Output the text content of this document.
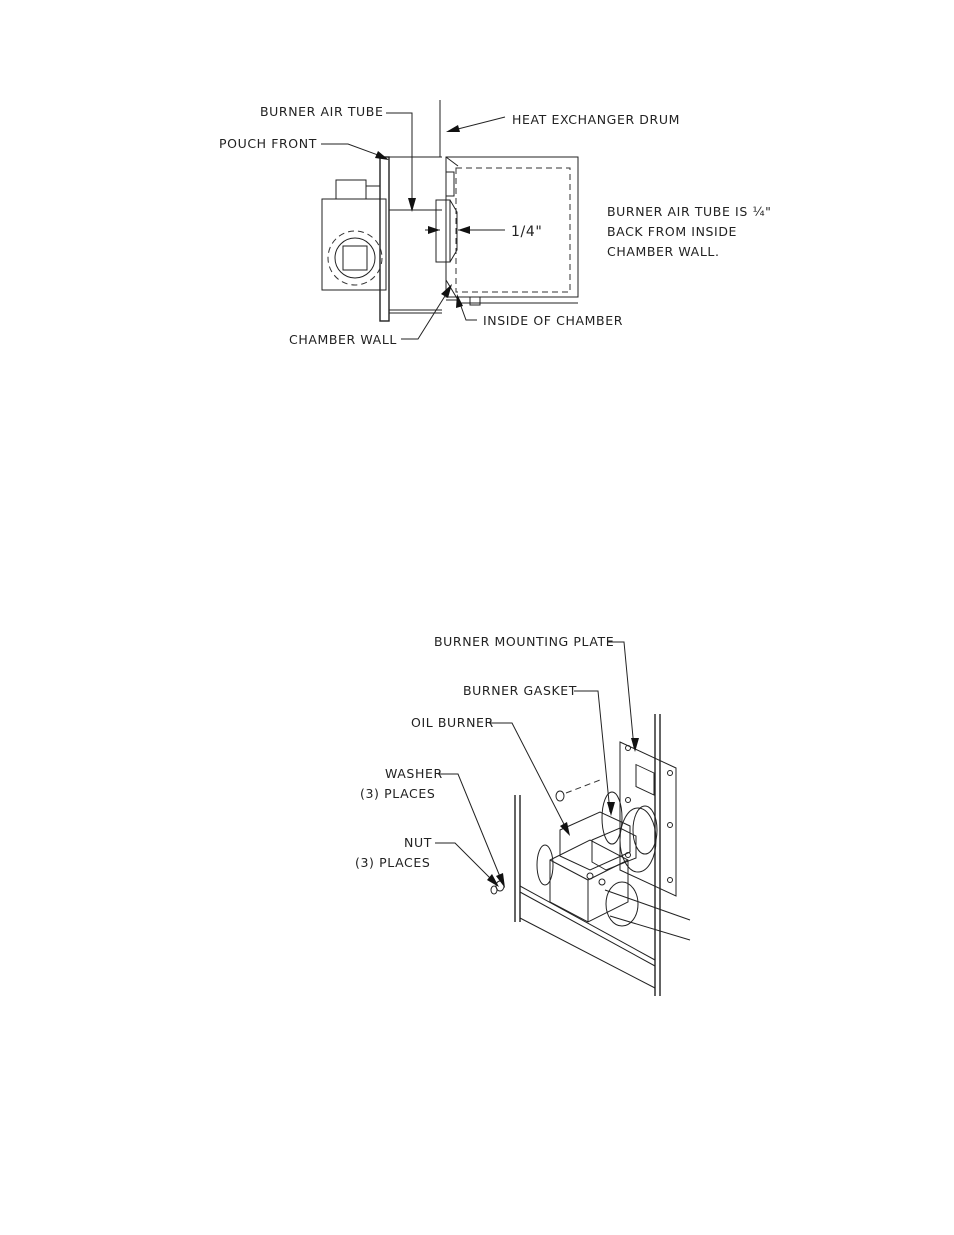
BURNER AIR TUBE
HEAT EXCHANGER DRUM
POUCH FRONT
1/4"
BURNER AIR TUBE IS ¼"
BACK FROM INSIDE
CHAMBER WALL.
CHAMBER WALL
INSIDE OF CHAMBER
BURNER MOUNTING PLATE
BURNER GASKET
OIL BURNER
WASHER
(3) PLACES
NUT
(3) PLACES
